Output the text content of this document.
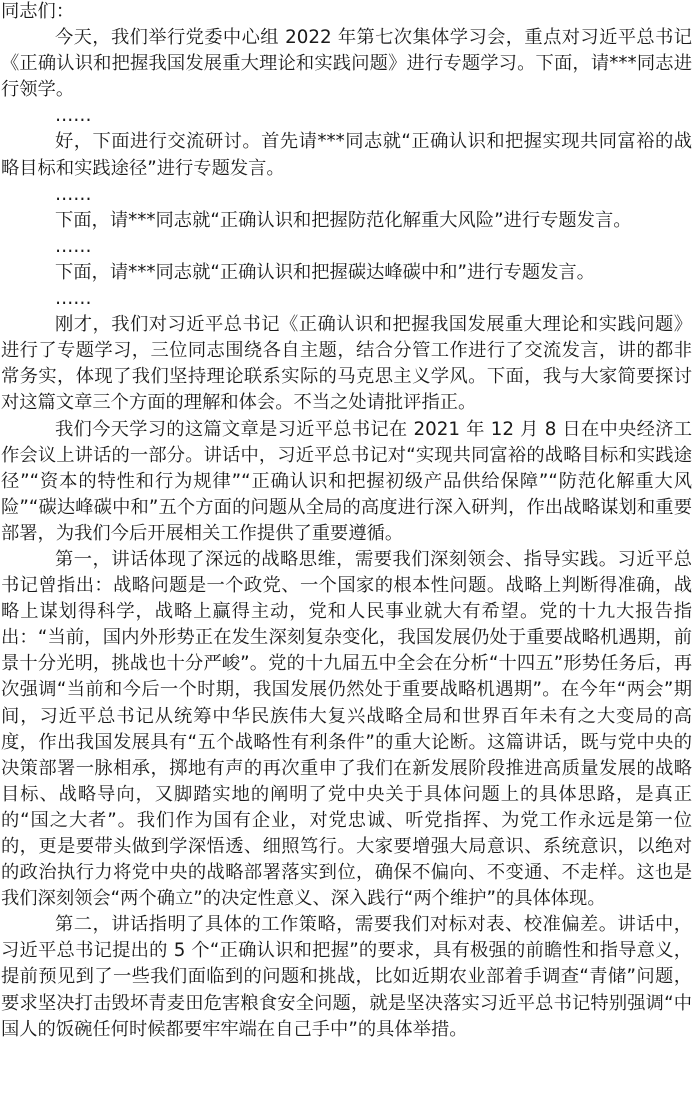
同志们：

今天，我们举行党委中心组 2022 年第七次集体学习会，重点对习近平总书记《正确认识和把握我国发展重大理论和实践问题》进行专题学习。下面，请***同志进行领学。

……

好，下面进行交流研讨。首先请***同志就“正确认识和把握实现共同富裕的战略目标和实践途径”进行专题发言。

……

下面，请***同志就“正确认识和把握防范化解重大风险”进行专题发言。

……

下面，请***同志就“正确认识和把握碳达峰碳中和”进行专题发言。

……

刚才，我们对习近平总书记《正确认识和把握我国发展重大理论和实践问题》进行了专题学习，三位同志围绕各自主题，结合分管工作进行了交流发言，讲的都非常务实，体现了我们坚持理论联系实际的马克思主义学风。下面，我与大家简要探讨对这篇文章三个方面的理解和体会。不当之处请批评指正。

我们今天学习的这篇文章是习近平总书记在 2021 年 12 月 8 日在中央经济工作会议上讲话的一部分。讲话中，习近平总书记对“实现共同富裕的战略目标和实践途径”“资本的特性和行为规律”“正确认识和把握初级产品供给保障”“防范化解重大风险”“碳达峰碳中和”五个方面的问题从全局的高度进行深入研判，作出战略谋划和重要部署，为我们今后开展相关工作提供了重要遵循。

第一，讲话体现了深远的战略思维，需要我们深刻领会、指导实践。习近平总书记曾指出：战略问题是一个政党、一个国家的根本性问题。战略上判断得准确，战略上谋划得科学，战略上赢得主动，党和人民事业就大有希望。党的十九大报告指出：“当前，国内外形势正在发生深刻复杂变化，我国发展仍处于重要战略机遇期，前景十分光明，挑战也十分严峻”。党的十九届五中全会在分析“十四五”形势任务后，再次强调“当前和今后一个时期，我国发展仍然处于重要战略机遇期”。在今年“两会”期间，习近平总书记从统筹中华民族伟大复兴战略全局和世界百年未有之大变局的高度，作出我国发展具有“五个战略性有利条件”的重大论断。这篇讲话，既与党中央的决策部署一脉相承，掷地有声的再次重申了我们在新发展阶段推进高质量发展的战略目标、战略导向，又脚踏实地的阐明了党中央关于具体问题上的具体思路，是真正的“国之大者”。我们作为国有企业，对党忠诚、听党指挥、为党工作永远是第一位的，更是要带头做到学深悟透、细照笃行。大家要增强大局意识、系统意识，以绝对的政治执行力将党中央的战略部署落实到位，确保不偏向、不变通、不走样。这也是我们深刻领会“两个确立”的决定性意义、深入践行“两个维护”的具体体现。

第二，讲话指明了具体的工作策略，需要我们对标对表、校准偏差。讲话中，习近平总书记提出的 5 个“正确认识和把握”的要求，具有极强的前瞻性和指导意义，提前预见到了一些我们面临到的问题和挑战，比如近期农业部着手调查“青储”问题，要求坚决打击毁坏青麦田危害粮食安全问题，就是坚决落实习近平总书记特别强调“中国人的饭碗任何时候都要牢牢端在自己手中”的具体举措。
